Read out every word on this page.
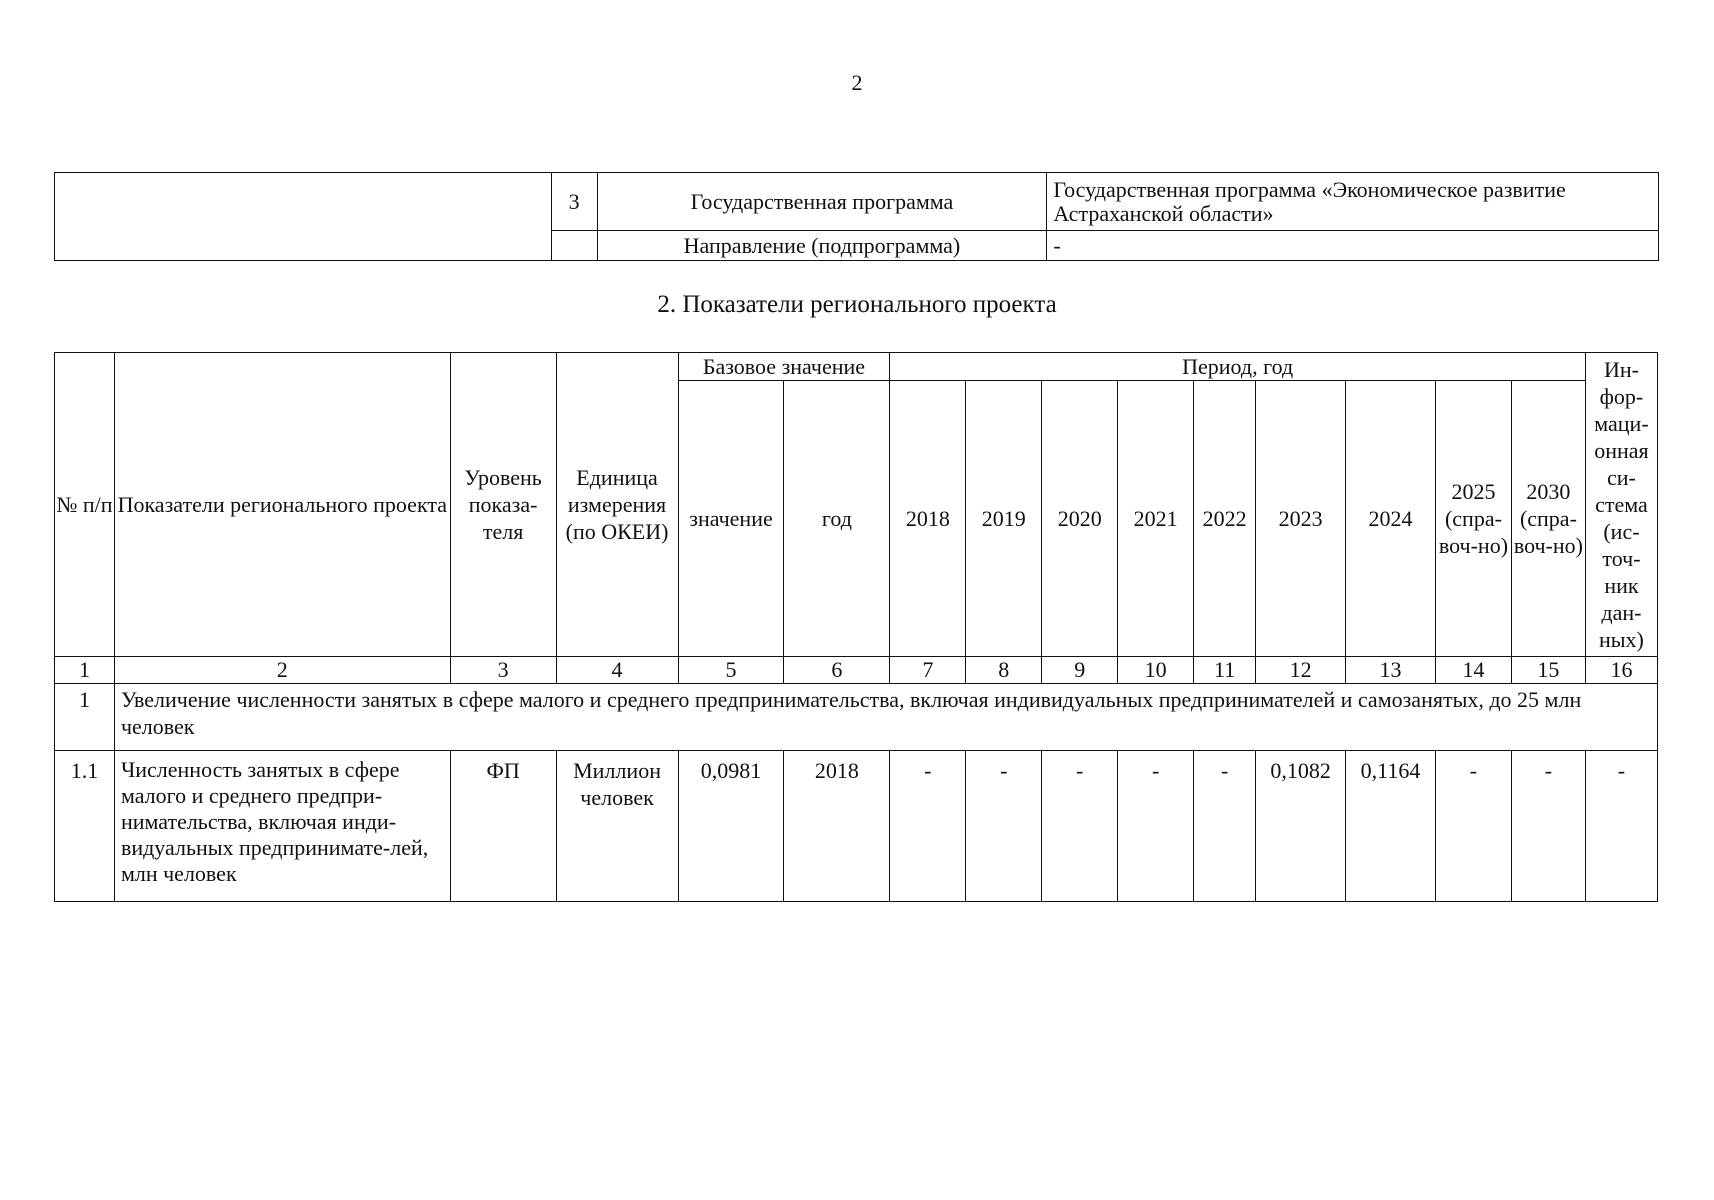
2
	3	Государственная программа	Государственная программа «Экономическое развитие Астраханской области»
		Направление (подпрограмма)	-
2. Показатели регионального проекта
№ п/п	Показатели регионального проекта	Уровень показа-теля	Единица измерения (по ОКЕИ)	Базовое значение		Период, год									Ин-фор-маци-онная си-стема (ис-точ-ник дан-ных)
				значение	год	2018	2019	2020	2021	2022	2023	2024	2025 (спра-воч-но)	2030 (спра-воч-но)	
1	2	3	4	5	6	7	8	9	10	11	12	13	14	15	16
1	Увеличение численности занятых в сфере малого и среднего предпринимательства, включая индивидуальных предпринимателей и самозанятых, до 25 млн человек														
1.1	Численность занятых в сфере малого и среднего предпри-нимательства, включая инди-видуальных предпринимате-лей, млн человек	ФП	Миллион человек	0,0981	2018	-	-	-	-	-	0,1082	0,1164	-	-	-
